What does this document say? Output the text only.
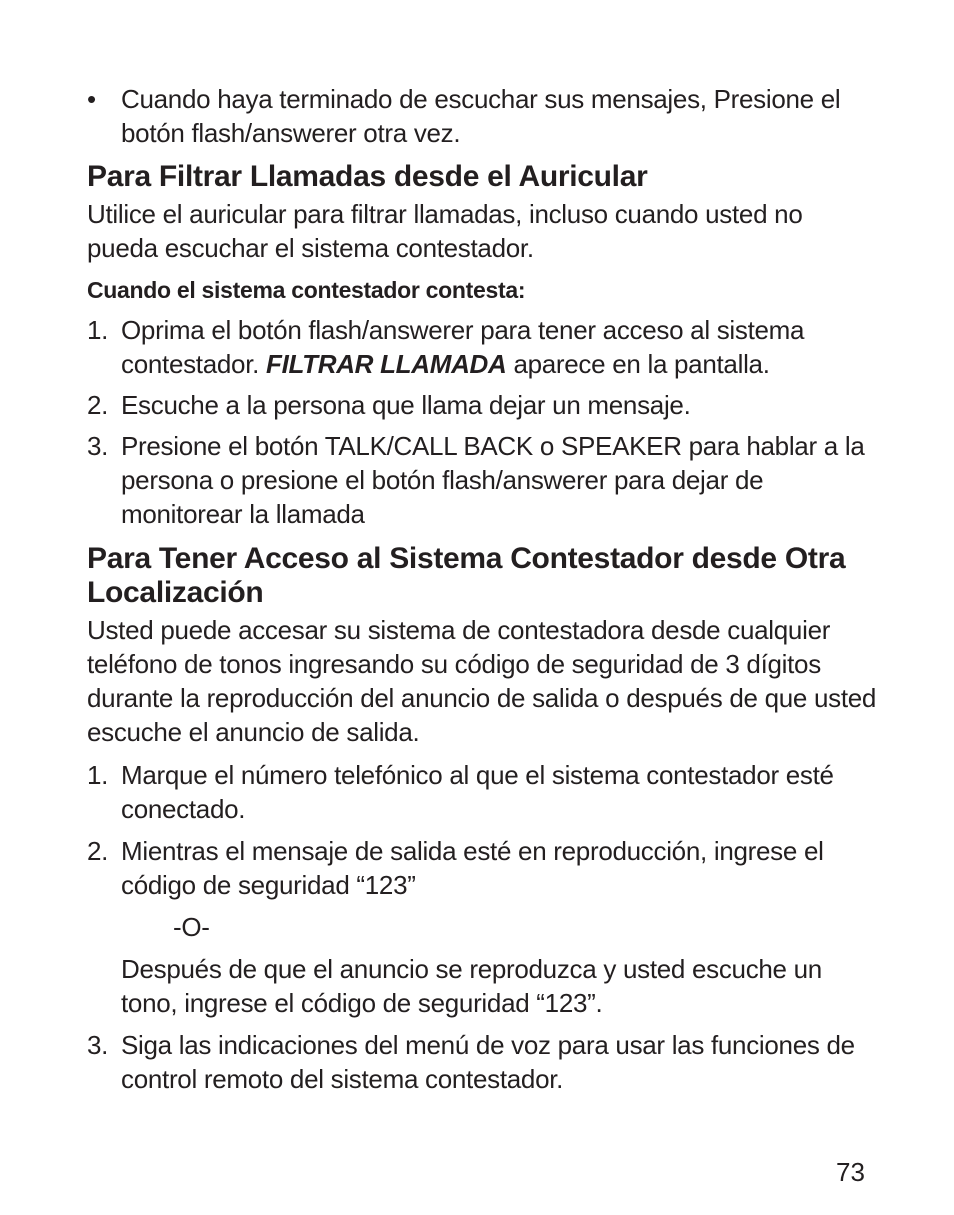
• Cuando haya terminado de escuchar sus mensajes, Presione el botón flash/answerer otra vez.
Para Filtrar Llamadas desde el Auricular
Utilice el auricular para filtrar llamadas, incluso cuando usted no pueda escuchar el sistema contestador.
Cuando el sistema contestador contesta:
1. Oprima el botón flash/answerer para tener acceso al sistema contestador. FILTRAR LLAMADA aparece en la pantalla.
2. Escuche a la persona que llama dejar un mensaje.
3. Presione el botón TALK/CALL BACK o SPEAKER para hablar a la persona o presione el botón flash/answerer para dejar de monitorear la llamada
Para Tener Acceso al Sistema Contestador desde Otra Localización
Usted puede accesar su sistema de contestadora desde cualquier teléfono de tonos ingresando su código de seguridad de 3 dígitos durante la reproducción del anuncio de salida o después de que usted escuche el anuncio de salida.
1. Marque el número telefónico al que el sistema contestador esté conectado.
2. Mientras el mensaje de salida esté en reproducción, ingrese el código de seguridad “123”
-O-
Después de que el anuncio se reproduzca y usted escuche un tono, ingrese el código de seguridad “123”.
3. Siga las indicaciones del menú de voz para usar las funciones de control remoto del sistema contestador.
73
